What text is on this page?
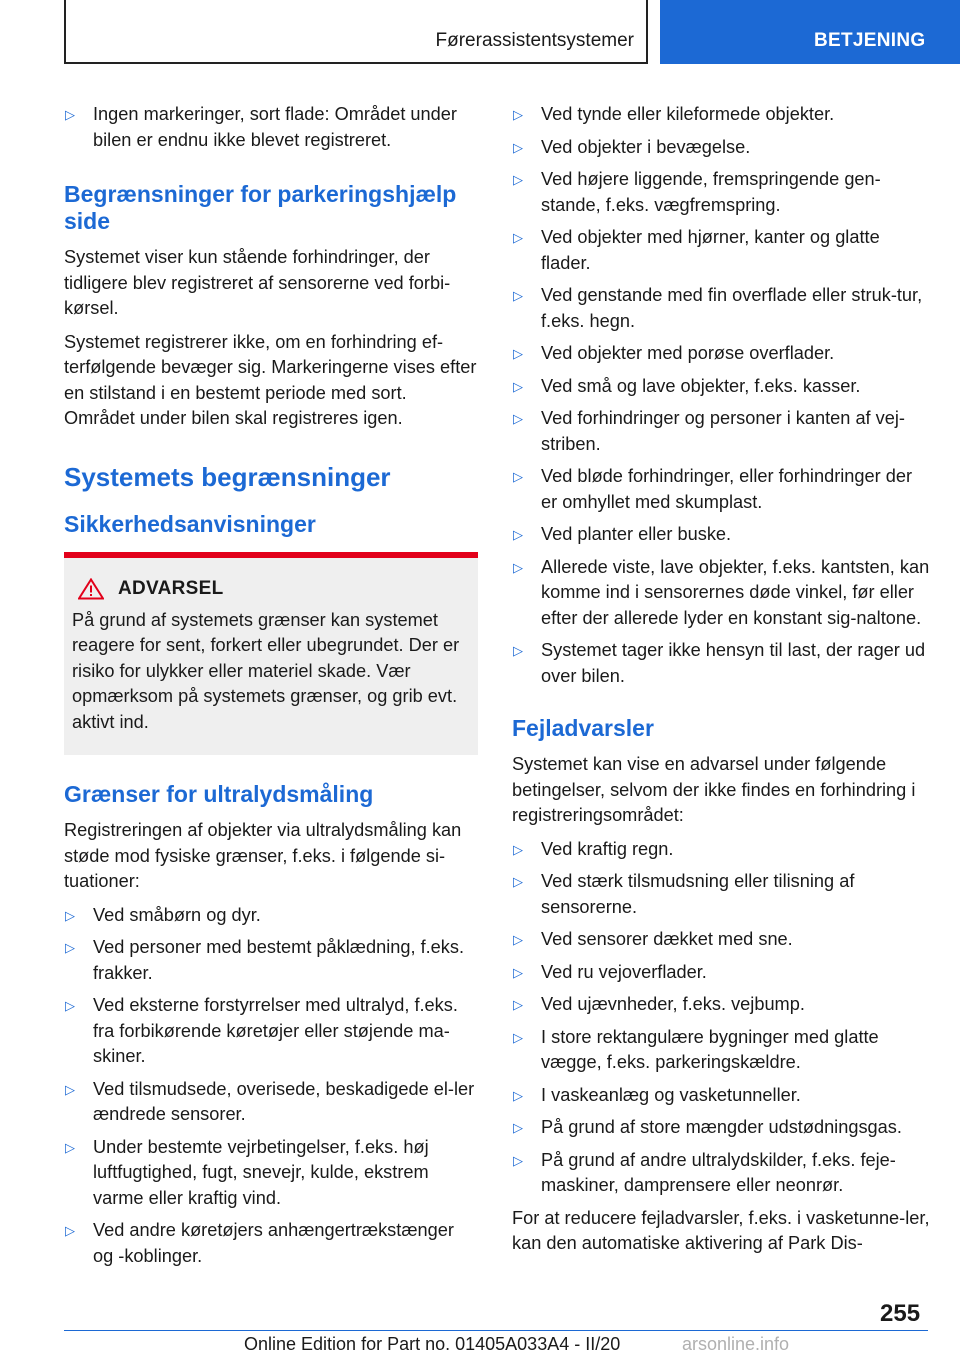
Førerassistentsystemer	BETJENING
▷ Ingen markeringer, sort flade: Området under bilen er endnu ikke blevet registreret.
Begrænsninger for parkeringshjælp side

Systemet viser kun stående forhindringer, der tidligere blev registreret af sensorerne ved forbi-kørsel.

Systemet registrerer ikke, om en forhindring ef-terfølgende bevæger sig. Markeringerne vises efter en stilstand i en bestemt periode med sort. Området under bilen skal registreres igen.

Systemets begrænsninger
Sikkerhedsanvisninger
ADVARSEL

På grund af systemets grænser kan systemet reagere for sent, forkert eller ubegrundet. Der er risiko for ulykker eller materiel skade. Vær opmærksom på systemets grænser, og grib evt. aktivt ind.

Grænser for ultralydsmåling

Registreringen af objekter via ultralydsmåling kan støde mod fysiske grænser, f.eks. i følgende si-tuationer:

▷ Ved småbørn og dyr.
▷ Ved personer med bestemt påklædning, f.eks. frakker.
▷ Ved eksterne forstyrrelser med ultralyd, f.eks. fra forbikørende køretøjer eller støjende ma-skiner.
▷ Ved tilsmudsede, overisede, beskadigede el-ler ændrede sensorer.
▷ Under bestemte vejrbetingelser, f.eks. høj luftfugtighed, fugt, snevejr, kulde, ekstrem varme eller kraftig vind.
▷ Ved andre køretøjers anhængertrækstænger og -koblinger.
▷ Ved tynde eller kileformede objekter.
▷ Ved objekter i bevægelse.
▷ Ved højere liggende, fremspringende gen-stande, f.eks. vægfremspring.
▷ Ved objekter med hjørner, kanter og glatte flader.
▷ Ved genstande med fin overflade eller struk-tur, f.eks. hegn.
▷ Ved objekter med porøse overflader.
▷ Ved små og lave objekter, f.eks. kasser.
▷ Ved forhindringer og personer i kanten af vej-striben.
▷ Ved bløde forhindringer, eller forhindringer der er omhyllet med skumplast.
▷ Ved planter eller buske.
▷ Allerede viste, lave objekter, f.eks. kantsten, kan komme ind i sensorernes døde vinkel, før eller efter der allerede lyder en konstant sig-naltone.
▷ Systemet tager ikke hensyn til last, der rager ud over bilen.
Fejladvarsler

Systemet kan vise en advarsel under følgende betingelser, selvom der ikke findes en forhindring i registreringsområdet:

▷ Ved kraftig regn.
▷ Ved stærk tilsmudsning eller tilisning af sensorerne.
▷ Ved sensorer dækket med sne.
▷ Ved ru vejoverflader.
▷ Ved ujævnheder, f.eks. vejbump.
▷ I store rektangulære bygninger med glatte vægge, f.eks. parkeringskældre.
▷ I vaskeanlæg og vasketunneller.
▷ På grund af store mængder udstødningsgas.
▷ På grund af andre ultralydskilder, f.eks. feje-maskiner, damprensere eller neonrør.

For at reducere fejladvarsler, f.eks. i vasketunne-ler, kan den automatiske aktivering af Park Dis-

255
Online Edition for Part no. 01405A033A4 - II/20	arsonline.info
